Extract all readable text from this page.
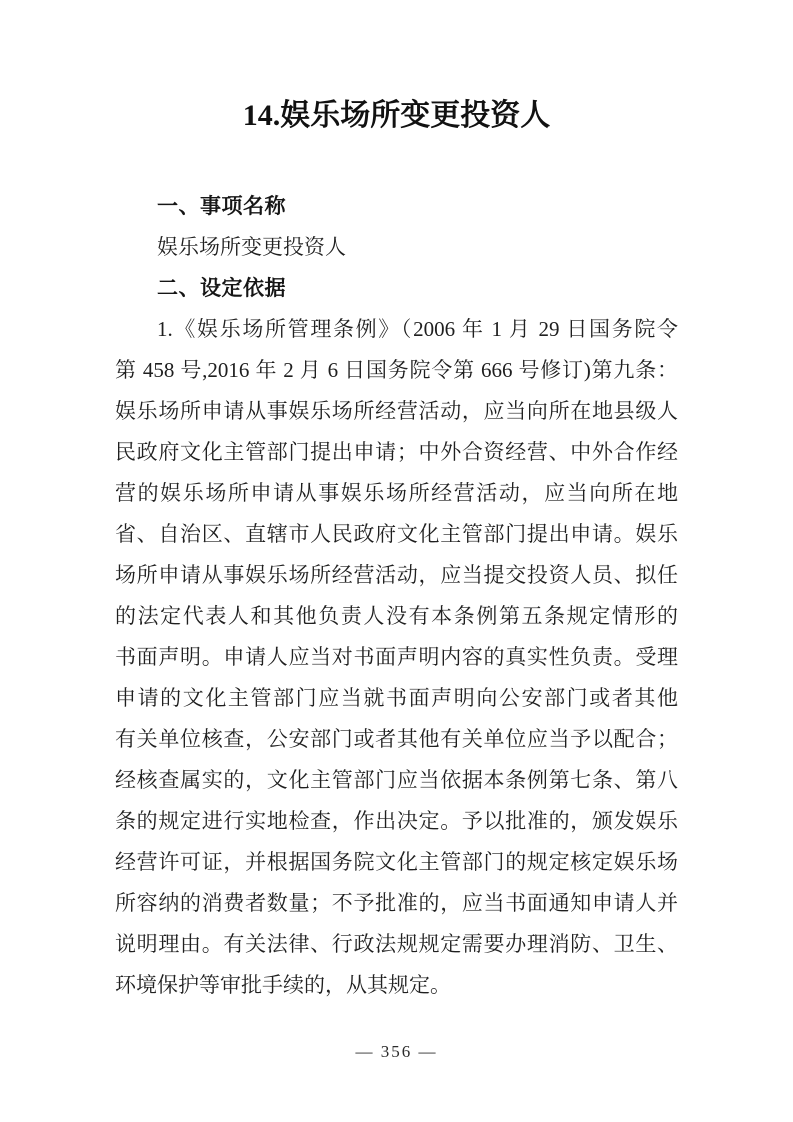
14.娱乐场所变更投资人
一、事项名称
娱乐场所变更投资人
二、设定依据
1.《娱乐场所管理条例》（2006 年 1 月 29 日国务院令
第 458 号,2016 年 2 月 6 日国务院令第 666 号修订)第九条：
娱乐场所申请从事娱乐场所经营活动，应当向所在地县级人
民政府文化主管部门提出申请；中外合资经营、中外合作经
营的娱乐场所申请从事娱乐场所经营活动，应当向所在地
省、自治区、直辖市人民政府文化主管部门提出申请。娱乐
场所申请从事娱乐场所经营活动，应当提交投资人员、拟任
的法定代表人和其他负责人没有本条例第五条规定情形的
书面声明。申请人应当对书面声明内容的真实性负责。受理
申请的文化主管部门应当就书面声明向公安部门或者其他
有关单位核查，公安部门或者其他有关单位应当予以配合；
经核查属实的，文化主管部门应当依据本条例第七条、第八
条的规定进行实地检查，作出决定。予以批准的，颁发娱乐
经营许可证，并根据国务院文化主管部门的规定核定娱乐场
所容纳的消费者数量；不予批准的，应当书面通知申请人并
说明理由。有关法律、行政法规规定需要办理消防、卫生、
环境保护等审批手续的，从其规定。
— 356 —
